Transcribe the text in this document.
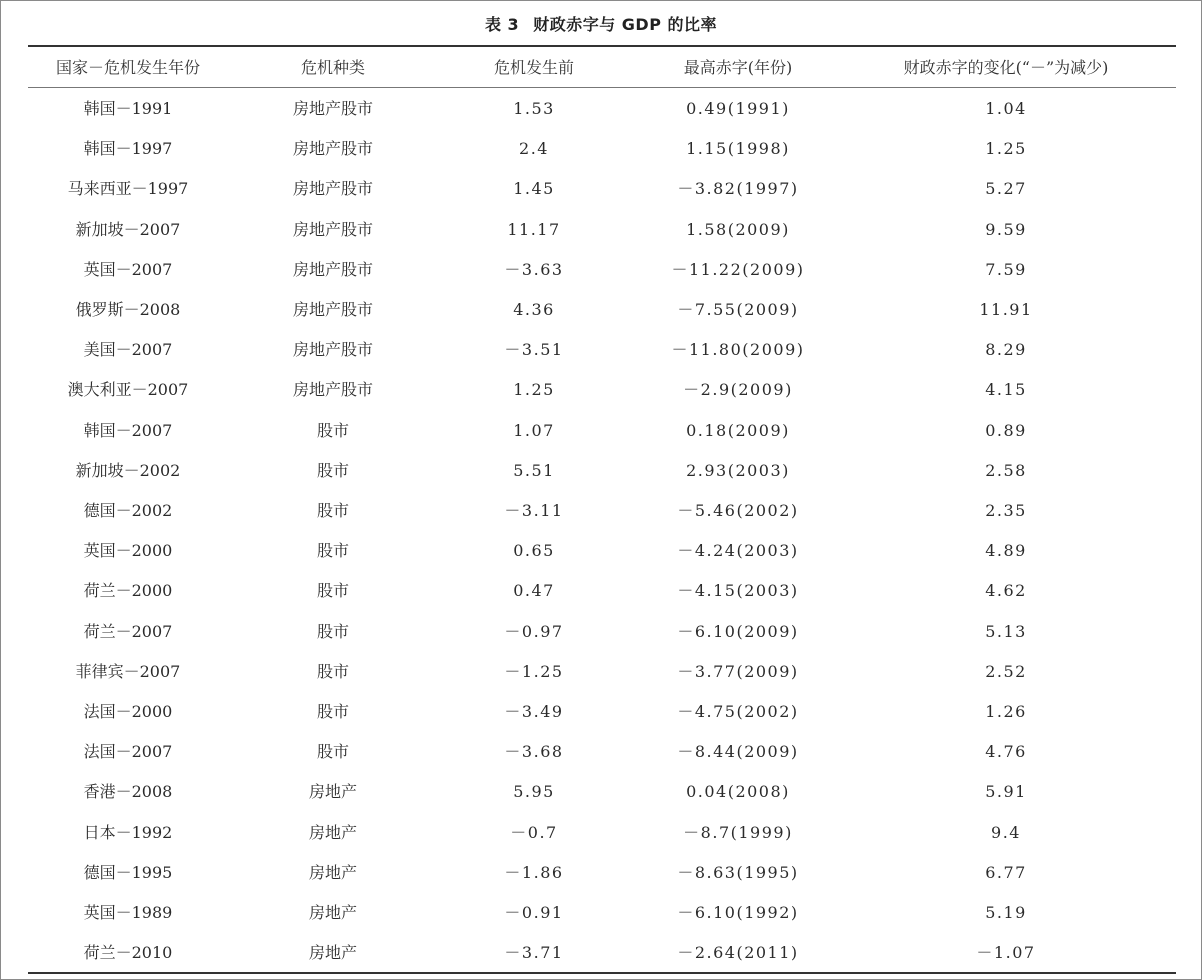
表 3 财政赤字与 GDP 的比率
国家－危机发生年份	危机种类	危机发生前	最高赤字(年份)	财政赤字的变化(“－”为减少)
韩国－1991	房地产股市	1.53	0.49(1991)	1.04
韩国－1997	房地产股市	2.4	1.15(1998)	1.25
马来西亚－1997	房地产股市	1.45	－3.82(1997)	5.27
新加坡－2007	房地产股市	11.17	1.58(2009)	9.59
英国－2007	房地产股市	－3.63	－11.22(2009)	7.59
俄罗斯－2008	房地产股市	4.36	－7.55(2009)	11.91
美国－2007	房地产股市	－3.51	－11.80(2009)	8.29
澳大利亚－2007	房地产股市	1.25	－2.9(2009)	4.15
韩国－2007	股市	1.07	0.18(2009)	0.89
新加坡－2002	股市	5.51	2.93(2003)	2.58
德国－2002	股市	－3.11	－5.46(2002)	2.35
英国－2000	股市	0.65	－4.24(2003)	4.89
荷兰－2000	股市	0.47	－4.15(2003)	4.62
荷兰－2007	股市	－0.97	－6.10(2009)	5.13
菲律宾－2007	股市	－1.25	－3.77(2009)	2.52
法国－2000	股市	－3.49	－4.75(2002)	1.26
法国－2007	股市	－3.68	－8.44(2009)	4.76
香港－2008	房地产	5.95	0.04(2008)	5.91
日本－1992	房地产	－0.7	－8.7(1999)	9.4
德国－1995	房地产	－1.86	－8.63(1995)	6.77
英国－1989	房地产	－0.91	－6.10(1992)	5.19
荷兰－2010	房地产	－3.71	－2.64(2011)	－1.07
